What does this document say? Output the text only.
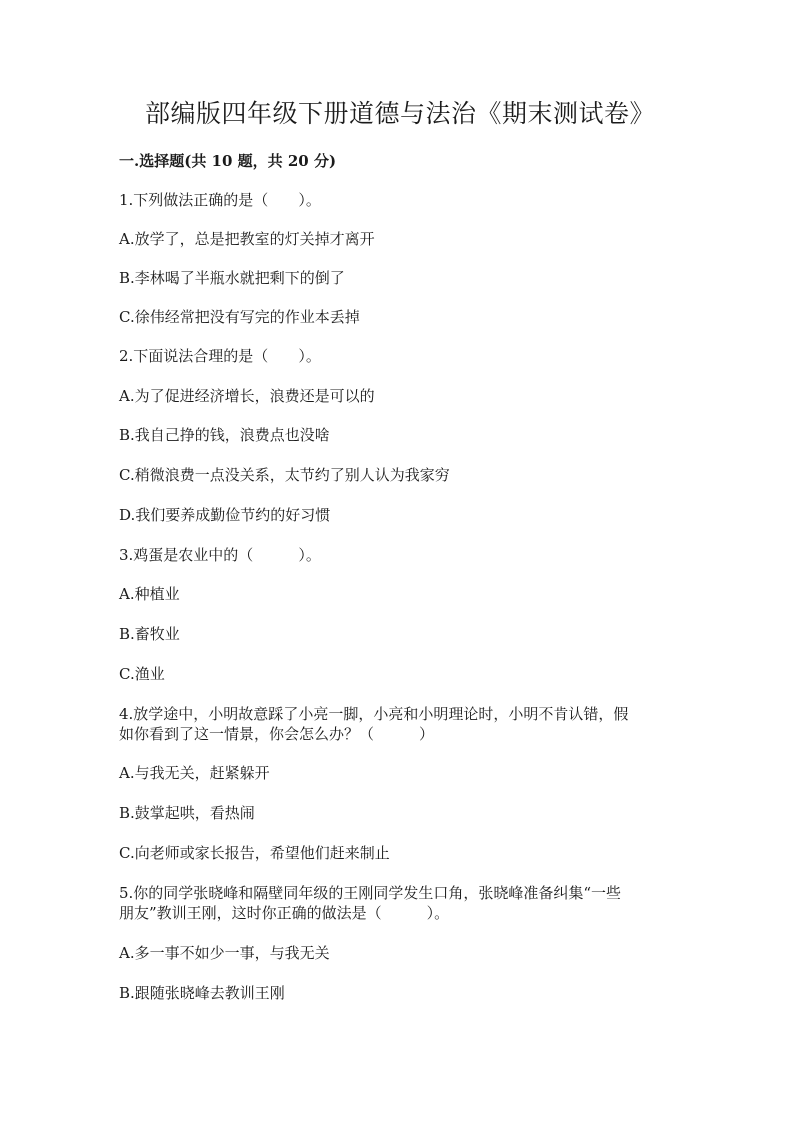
部编版四年级下册道德与法治《期末测试卷》
一.选择题(共 10 题，共 20 分)
1.下列做法正确的是（　　）。
A.放学了，总是把教室的灯关掉才离开
B.李林喝了半瓶水就把剩下的倒了
C.徐伟经常把没有写完的作业本丢掉
2.下面说法合理的是（　　）。
A.为了促进经济增长，浪费还是可以的
B.我自己挣的钱，浪费点也没啥
C.稍微浪费一点没关系，太节约了别人认为我家穷
D.我们要养成勤俭节约的好习惯
3.鸡蛋是农业中的（　　　）。
A.种植业
B.畜牧业
C.渔业
4.放学途中，小明故意踩了小亮一脚，小亮和小明理论时，小明不肯认错，假
如你看到了这一情景，你会怎么办？（　　　）
A.与我无关，赶紧躲开
B.鼓掌起哄，看热闹
C.向老师或家长报告，希望他们赶来制止
5.你的同学张晓峰和隔壁同年级的王刚同学发生口角，张晓峰准备纠集“一些
朋友”教训王刚，这时你正确的做法是（　　　）。
A.多一事不如少一事，与我无关
B.跟随张晓峰去教训王刚
